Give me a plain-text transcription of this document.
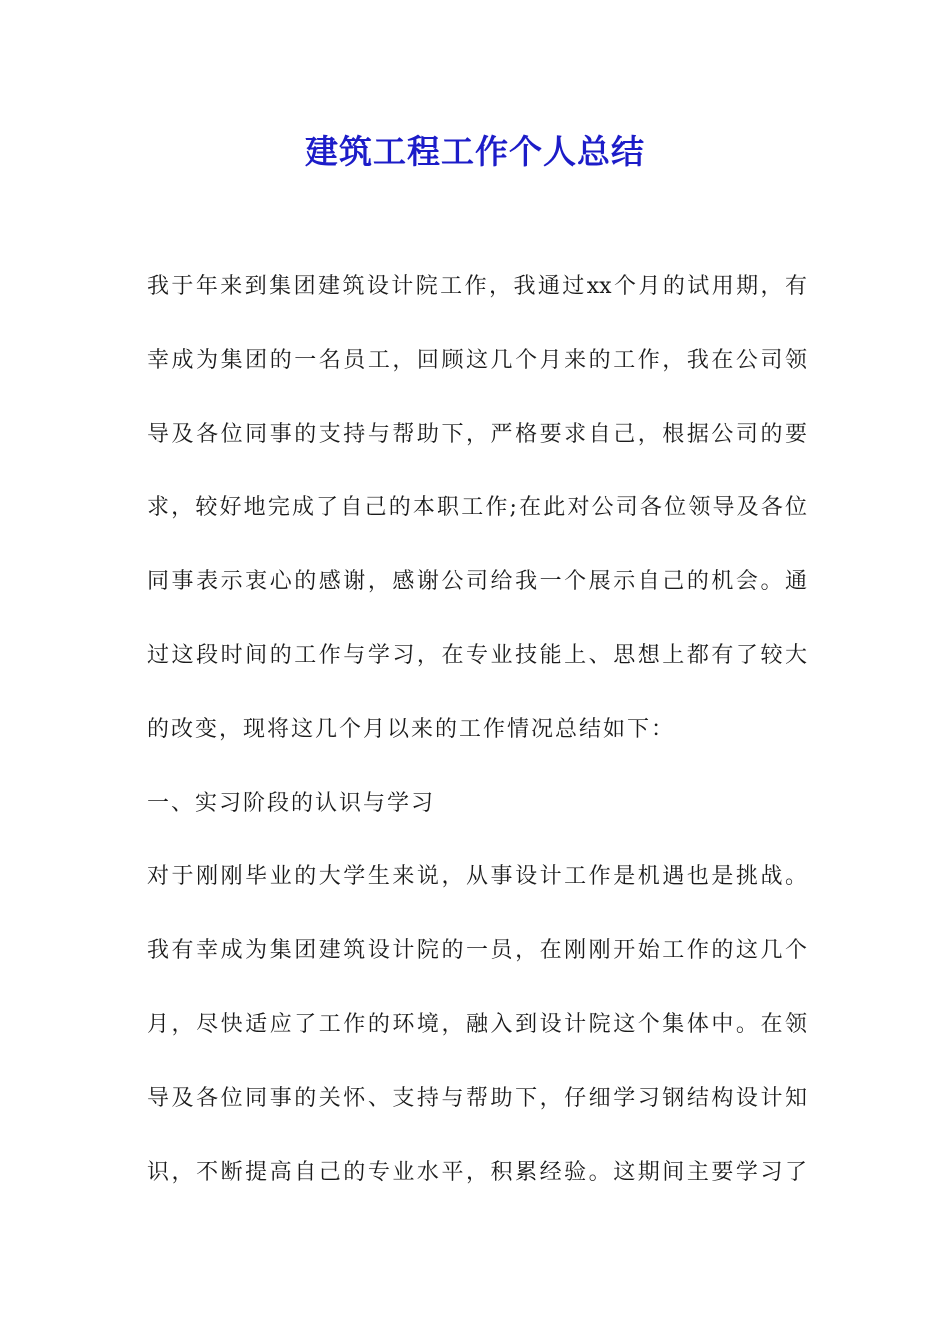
建筑工程工作个人总结
我于年来到集团建筑设计院工作，我通过xx个月的试用期，有
幸成为集团的一名员工，回顾这几个月来的工作，我在公司领
导及各位同事的支持与帮助下，严格要求自己，根据公司的要
求，较好地完成了自己的本职工作;在此对公司各位领导及各位
同事表示衷心的感谢，感谢公司给我一个展示自己的机会。通
过这段时间的工作与学习，在专业技能上、思想上都有了较大
的改变，现将这几个月以来的工作情况总结如下：
一、实习阶段的认识与学习
对于刚刚毕业的大学生来说，从事设计工作是机遇也是挑战。
我有幸成为集团建筑设计院的一员，在刚刚开始工作的这几个
月，尽快适应了工作的环境，融入到设计院这个集体中。在领
导及各位同事的关怀、支持与帮助下，仔细学习钢结构设计知
识，不断提高自己的专业水平，积累经验。这期间主要学习了
